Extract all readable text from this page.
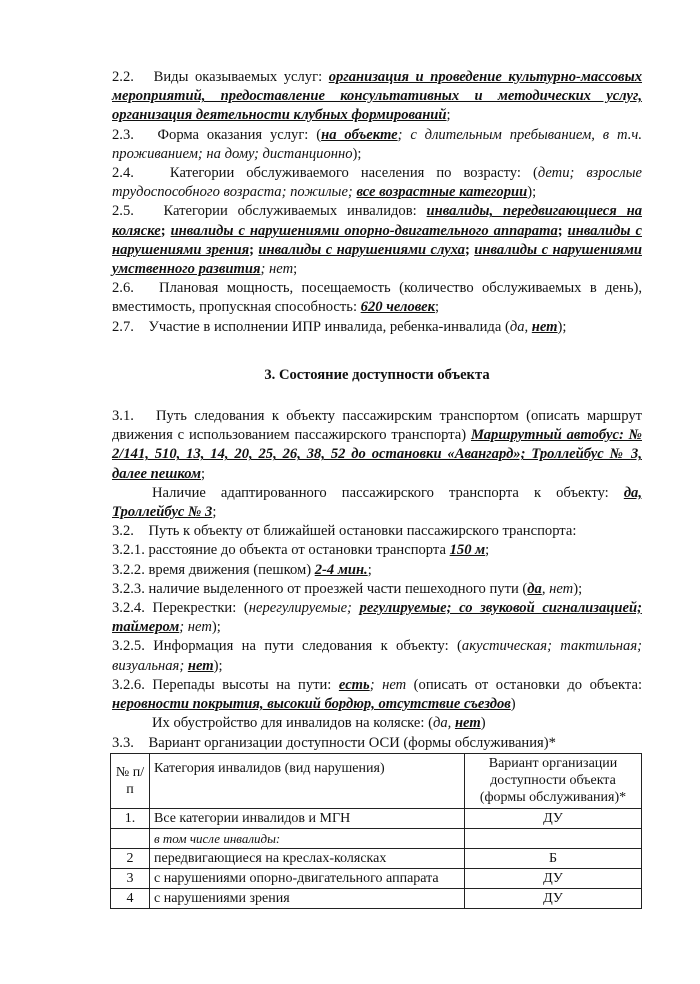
2.2. Виды оказываемых услуг: организация и проведение культурно-массовых мероприятий, предоставление консультативных и методических услуг, организация деятельности клубных формирований;

2.3. Форма оказания услуг: (на объекте; с длительным пребыванием, в т.ч. проживанием; на дому; дистанционно);

2.4. Категории обслуживаемого населения по возрасту: (дети; взрослые трудоспособного возраста; пожилые; все возрастные категории);

2.5. Категории обслуживаемых инвалидов: инвалиды, передвигающиеся на коляске; инвалиды с нарушениями опорно-двигательного аппарата; инвалиды с нарушениями зрения; инвалиды с нарушениями слуха; инвалиды с нарушениями умственного развития; нет;

2.6. Плановая мощность, посещаемость (количество обслуживаемых в день), вместимость, пропускная способность: 620 человек;

2.7. Участие в исполнении ИПР инвалида, ребенка-инвалида (да, нет);

3. Состояние доступности объекта

3.1. Путь следования к объекту пассажирским транспортом (описать маршрут движения с использованием пассажирского транспорта) Маршрутный автобус: № 2/141, 510, 13, 14, 20, 25, 26, 38, 52 до остановки «Авангард»; Троллейбус № 3, далее пешком;

Наличие адаптированного пассажирского транспорта к объекту: да, Троллейбус № 3;

3.2. Путь к объекту от ближайшей остановки пассажирского транспорта:

3.2.1. расстояние до объекта от остановки транспорта 150 м;

3.2.2. время движения (пешком) 2-4 мин.;

3.2.3. наличие выделенного от проезжей части пешеходного пути (да, нет);

3.2.4. Перекрестки: (нерегулируемые; регулируемые; со звуковой сигнализацией; таймером; нет);

3.2.5. Информация на пути следования к объекту: (акустическая; тактильная; визуальная; нет);

3.2.6. Перепады высоты на пути: есть; нет (описать от остановки до объекта: неровности покрытия, высокий бордюр, отсутствие съездов)

Их обустройство для инвалидов на коляске: (да, нет)

3.3. Вариант организации доступности ОСИ (формы обслуживания)*

№ п/п	Категория инвалидов (вид нарушения)	Вариант организации доступности объекта (формы обслуживания)*
1.	Все категории инвалидов и МГН	ДУ
	в том числе инвалиды:	
2	передвигающиеся на креслах-колясках	Б
3	с нарушениями опорно-двигательного аппарата	ДУ
4	с нарушениями зрения	ДУ
